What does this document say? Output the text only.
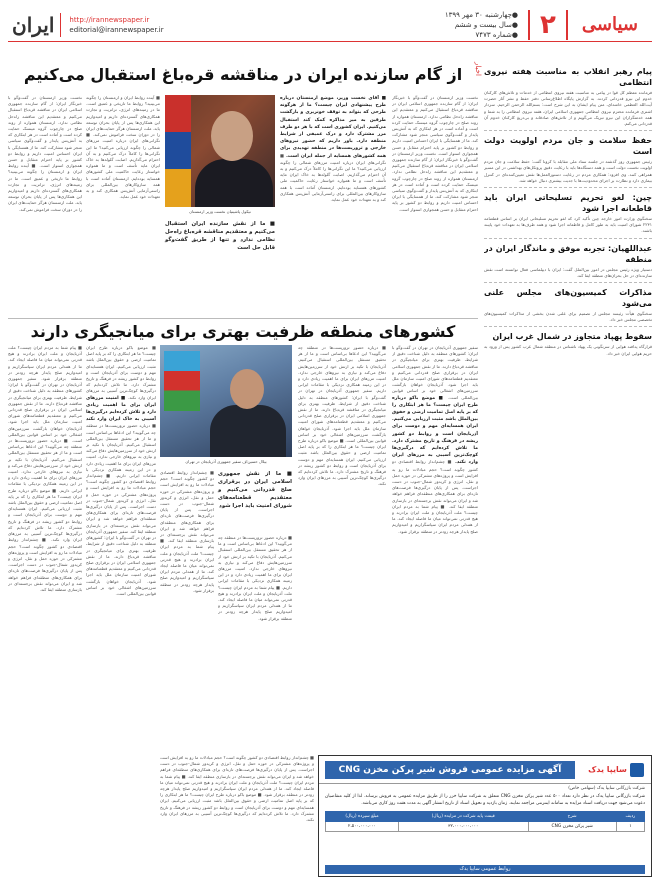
سیاسی
۲
●چهارشنبه ۳۰ مهر ۱۳۹۹
●سال بیست و ششم
●شماره ۷۴۷۳
http://irannewspaper.ir
editorial@irannewspaper.ir
ایران
اخبار پیام رهبر انقلاب به مناسبت هفته نیروی انتظامی
فرمانده معظم کل قوا در پیامی به مناسبت هفته نیروی انتظامی از خدمات و تلاش‌های کارکنان خدوم این نیرو قدردانی کردند. به گزارش پایگاه اطلاع‌رسانی دفتر حفظ و نشر آثار حضرت آیت‌الله العظمی خامنه‌ای، متن پیام ایشان به این شرح است: بسم‌الله الرحمن الرحیم. سردار اشتری فرمانده محترم نیروی انتظامی جمهوری اسلامی ایران، هفته نیروی انتظامی را به شما و همه خدمتگزاران این نیرو تبریک می‌گویم و از تلاش‌های صادقانه و بی‌دریغ کارکنان خدوم آن قدردانی می‌کنم.
حفظ سلامت و جان مردم اولویت دولت است
رئیس جمهوری روز گذشته در جلسه ستاد ملی مقابله با کرونا گفت: حفظ سلامت و جان مردم اولویت نخست دولت است و همه دستگاه‌ها باید با رعایت دقیق پروتکل‌های بهداشتی در این مسیر همراهی کنند. وی افزود: همکاری مردم در رعایت دستورالعمل‌ها نقش تعیین‌کننده‌ای در کنترل بیماری دارد و نظارت بر اجرای محدودیت‌ها با جدیت بیشتری دنبال خواهد شد.
چین: لغو تحریم تسلیحاتی ایران باید قاطعانه اجرا شود
سخنگوی وزارت امور خارجه چین تأکید کرد که لغو تحریم تسلیحاتی ایران بر اساس قطعنامه ۲۲۳۱ شورای امنیت باید به طور کامل و قاطعانه اجرا شود و همه طرف‌ها به تعهدات خود پایبند باشند.
عبداللهیان: تجربه موفق و ماندگار ایران در منطقه
دستیار ویژه رئیس مجلس در امور بین‌الملل گفت: ایران با دیپلماسی فعال توانسته است نقش سازنده‌ای در حل بحران‌های منطقه ایفا کند.
مذاکرات کمیسیون‌های مجلس علنی می‌شود
سخنگوی هیأت رئیسه مجلس از تصمیم برای علنی شدن بخشی از مذاکرات کمیسیون‌های تخصصی مجلس خبر داد.
سقوط پهپاد متجاوز در شمال غرب ایران
قرارگاه پدافند هوایی از سرنگونی یک پهپاد ناشناس در منطقه شمال غرب کشور پس از ورود به حریم هوایی ایران خبر داد.
از گام سازنده ایران در مناقشه قره‌باغ استقبال می‌کنیم
نخست وزیر ارمنستان در گفت‌وگو با خبرنگار ایران: از گام سازنده جمهوری اسلامی ایران در مناقشه قره‌باغ استقبال می‌کنیم و معتقدیم این مناقشه راه‌حل نظامی ندارد. ارمنستان همواره از روند صلح در چارچوب گروه مینسک حمایت کرده است و آماده است در هر ابتکاری که به آتش‌بس پایدار و گفت‌وگوی سیاسی منجر شود مشارکت کند. ما از همسایگی با ایران احساس امنیت داریم و روابط دو کشور بر پایه احترام متقابل و حسن همجواری استوار است. نخست وزیر ارمنستان در گفت‌وگو با خبرنگار ایران: از گام سازنده جمهوری اسلامی ایران در مناقشه قره‌باغ استقبال می‌کنیم و معتقدیم این مناقشه راه‌حل نظامی ندارد. ارمنستان همواره از روند صلح در چارچوب گروه مینسک حمایت کرده است و آماده است در هر ابتکاری که به آتش‌بس پایدار و گفت‌وگوی سیاسی منجر شود مشارکت کند. ما از همسایگی با ایران احساس امنیت داریم و روابط دو کشور بر پایه احترام متقابل و حسن همجواری استوار است.
■ آقای نخست وزیر، موضع ارمنستان درباره طرح پیشنهادی ایران چیست؟ ما از هرگونه طرحی که بتواند به توقف خونریزی و بازگشت طرفین به میز مذاکره کمک کند استقبال می‌کنیم. ایران کشوری است که با هر دو طرف مرز مشترک دارد و درک عمیقی از شرایط منطقه دارد. باور داریم که حضور نیروهای خارجی و تروریست‌ها در منطقه تهدیدی برای همه کشورهای همسایه از جمله ایران است. ■ نگرانی‌های ایران درباره امنیت مرزهای شمالی را چگونه ارزیابی می‌کنید؟ ما این نگرانی‌ها را کاملاً درک می‌کنیم و به آن احترام می‌گذاریم. اصابت گلوله‌ها به خاک ایران مایه تأسف است و ما همواره خواستار رعایت حاکمیت ملی کشورهای همسایه بوده‌ایم. ارمنستان آماده است با همه سازوکارهای بین‌المللی برای راستی‌آزمایی آتش‌بس همکاری کند و به تعهدات خود عمل نماید.
نیکول پاشینیان نخست وزیر ارمنستان
■ ما از نقش سازنده ایران استقبال می‌کنیم و معتقدیم مناقشه قره‌باغ راه‌حل نظامی ندارد و تنها از طریق گفت‌وگو قابل حل است
■ آینده روابط ایران و ارمنستان را چگونه می‌بینید؟ روابط ما تاریخی و عمیق است. ما در زمینه‌های انرژی، ترانزیت و تجارت همکاری‌های گسترده‌ای داریم و امیدواریم این همکاری‌ها پس از پایان بحران توسعه یابد. ملت ارمنستان هرگز حمایت‌های ایران را در دوران سخت فراموش نمی‌کند. ■ نگرانی‌های ایران درباره امنیت مرزهای شمالی را چگونه ارزیابی می‌کنید؟ ما این نگرانی‌ها را کاملاً درک می‌کنیم و به آن احترام می‌گذاریم. اصابت گلوله‌ها به خاک ایران مایه تأسف است و ما همواره خواستار رعایت حاکمیت ملی کشورهای همسایه بوده‌ایم. ارمنستان آماده است با همه سازوکارهای بین‌المللی برای راستی‌آزمایی آتش‌بس همکاری کند و به تعهدات خود عمل نماید.
نخست وزیر ارمنستان در گفت‌وگو با خبرنگار ایران: از گام سازنده جمهوری اسلامی ایران در مناقشه قره‌باغ استقبال می‌کنیم و معتقدیم این مناقشه راه‌حل نظامی ندارد. ارمنستان همواره از روند صلح در چارچوب گروه مینسک حمایت کرده است و آماده است در هر ابتکاری که به آتش‌بس پایدار و گفت‌وگوی سیاسی منجر شود مشارکت کند. ما از همسایگی با ایران احساس امنیت داریم و روابط دو کشور بر پایه احترام متقابل و حسن همجواری استوار است. ■ آینده روابط ایران و ارمنستان را چگونه می‌بینید؟ روابط ما تاریخی و عمیق است. ما در زمینه‌های انرژی، ترانزیت و تجارت همکاری‌های گسترده‌ای داریم و امیدواریم این همکاری‌ها پس از پایان بحران توسعه یابد. ملت ارمنستان هرگز حمایت‌های ایران را در دوران سخت فراموش نمی‌کند.
کشورهای منطقه ظرفیت بهتری برای میانجیگری دارند
سفیر جمهوری آذربایجان در تهران در گفت‌وگو با ایران: کشورهای منطقه به دلیل شناخت دقیق از شرایط، ظرفیت بهتری برای میانجیگری در مناقشه قره‌باغ دارند. ما از نقش جمهوری اسلامی ایران در برقراری صلح قدردانی می‌کنیم و معتقدیم قطعنامه‌های شورای امنیت سازمان ملل باید اجرا شود. آذربایجان خواهان بازگشت سرزمین‌های اشغالی خود بر اساس قوانین بین‌المللی است. ■ موضع باکو درباره طرح ایران چیست؟ ما هر ابتکاری را که بر پایه اصل تمامیت ارضی و حقوق بین‌الملل باشد مثبت ارزیابی می‌کنیم. ایران همسایه‌ای مهم و دوست برای آذربایجان است و روابط دو کشور ریشه در فرهنگ و تاریخ مشترک دارد. ما تلاش کرده‌ایم که درگیری‌ها کوچک‌ترین آسیبی به مرزهای ایران وارد نکند. ■ چشم‌انداز روابط اقتصادی دو کشور چگونه است؟ حجم مبادلات ما رو به افزایش است و پروژه‌های مشترکی در حوزه حمل و نقل، انرژی و کریدور شمال-جنوب در دست اجراست. پس از پایان درگیری‌ها فرصت‌های تازه‌ای برای همکاری‌های منطقه‌ای فراهم خواهد شد و ایران می‌تواند نقش برجسته‌ای در بازسازی منطقه ایفا کند. ■ پیام شما به مردم ایران چیست؟ ملت آذربایجان و ملت ایران برادرند و هیچ قدرتی نمی‌تواند میان ما فاصله ایجاد کند. ما از همدلی مردم ایران سپاسگزاریم و امیدواریم صلح پایدار هرچه زودتر در منطقه برقرار شود.
■ درباره حضور تروریست‌ها در منطقه چه می‌گویید؟ این ادعاها بی‌اساس است و ما از هر تحقیق مستقل بین‌المللی استقبال می‌کنیم. آذربایجان با تکیه بر ارتش خود از سرزمین‌هایش دفاع می‌کند و نیازی به نیروهای خارجی ندارد. امنیت مرزهای ایران برای ما اهمیت زیادی دارد و در این زمینه همکاری نزدیکی با مقامات ایرانی داریم. سفیر جمهوری آذربایجان در تهران در گفت‌وگو با ایران: کشورهای منطقه به دلیل شناخت دقیق از شرایط، ظرفیت بهتری برای میانجیگری در مناقشه قره‌باغ دارند. ما از نقش جمهوری اسلامی ایران در برقراری صلح قدردانی می‌کنیم و معتقدیم قطعنامه‌های شورای امنیت سازمان ملل باید اجرا شود. آذربایجان خواهان بازگشت سرزمین‌های اشغالی خود بر اساس قوانین بین‌المللی است. ■ موضع باکو درباره طرح ایران چیست؟ ما هر ابتکاری را که بر پایه اصل تمامیت ارضی و حقوق بین‌الملل باشد مثبت ارزیابی می‌کنیم. ایران همسایه‌ای مهم و دوست برای آذربایجان است و روابط دو کشور ریشه در فرهنگ و تاریخ مشترک دارد. ما تلاش کرده‌ایم که درگیری‌ها کوچک‌ترین آسیبی به مرزهای ایران وارد نکند.
بیلال حسین‌اف سفیر جمهوری آذربایجان در تهران
■ ما از نقش جمهوری اسلامی ایران در برقراری صلح قدردانی می‌کنیم و معتقدیم قطعنامه‌های شورای امنیت باید اجرا شود
■ چشم‌انداز روابط اقتصادی دو کشور چگونه است؟ حجم مبادلات ما رو به افزایش است و پروژه‌های مشترکی در حوزه حمل و نقل، انرژی و کریدور شمال-جنوب در دست اجراست. پس از پایان درگیری‌ها فرصت‌های تازه‌ای برای همکاری‌های منطقه‌ای فراهم خواهد شد و ایران می‌تواند نقش برجسته‌ای در بازسازی منطقه ایفا کند. ■ پیام شما به مردم ایران چیست؟ ملت آذربایجان و ملت ایران برادرند و هیچ قدرتی نمی‌تواند میان ما فاصله ایجاد کند. ما از همدلی مردم ایران سپاسگزاریم و امیدواریم صلح پایدار هرچه زودتر در منطقه برقرار شود.
■ درباره حضور تروریست‌ها در منطقه چه می‌گویید؟ این ادعاها بی‌اساس است و ما از هر تحقیق مستقل بین‌المللی استقبال می‌کنیم. آذربایجان با تکیه بر ارتش خود از سرزمین‌هایش دفاع می‌کند و نیازی به نیروهای خارجی ندارد. امنیت مرزهای ایران برای ما اهمیت زیادی دارد و در این زمینه همکاری نزدیکی با مقامات ایرانی داریم. ■ پیام شما به مردم ایران چیست؟ ملت آذربایجان و ملت ایران برادرند و هیچ قدرتی نمی‌تواند میان ما فاصله ایجاد کند. ما از همدلی مردم ایران سپاسگزاریم و امیدواریم صلح پایدار هرچه زودتر در منطقه برقرار شود.
■ موضع باکو درباره طرح ایران چیست؟ ما هر ابتکاری را که بر پایه اصل تمامیت ارضی و حقوق بین‌الملل باشد مثبت ارزیابی می‌کنیم. ایران همسایه‌ای مهم و دوست برای آذربایجان است و روابط دو کشور ریشه در فرهنگ و تاریخ مشترک دارد. ما تلاش کرده‌ایم که درگیری‌ها کوچک‌ترین آسیبی به مرزهای ایران وارد نکند. ■ امنیت مرزهای ایران برای ما اهمیت زیادی دارد و تلاش کرده‌ایم درگیری‌ها آسیبی به خاک ایران وارد نکند ■ درباره حضور تروریست‌ها در منطقه چه می‌گویید؟ این ادعاها بی‌اساس است و ما از هر تحقیق مستقل بین‌المللی استقبال می‌کنیم. آذربایجان با تکیه بر ارتش خود از سرزمین‌هایش دفاع می‌کند و نیازی به نیروهای خارجی ندارد. امنیت مرزهای ایران برای ما اهمیت زیادی دارد و در این زمینه همکاری نزدیکی با مقامات ایرانی داریم. ■ چشم‌انداز روابط اقتصادی دو کشور چگونه است؟ حجم مبادلات ما رو به افزایش است و پروژه‌های مشترکی در حوزه حمل و نقل، انرژی و کریدور شمال-جنوب در دست اجراست. پس از پایان درگیری‌ها فرصت‌های تازه‌ای برای همکاری‌های منطقه‌ای فراهم خواهد شد و ایران می‌تواند نقش برجسته‌ای در بازسازی منطقه ایفا کند. سفیر جمهوری آذربایجان در تهران در گفت‌وگو با ایران: کشورهای منطقه به دلیل شناخت دقیق از شرایط، ظرفیت بهتری برای میانجیگری در مناقشه قره‌باغ دارند. ما از نقش جمهوری اسلامی ایران در برقراری صلح قدردانی می‌کنیم و معتقدیم قطعنامه‌های شورای امنیت سازمان ملل باید اجرا شود. آذربایجان خواهان بازگشت سرزمین‌های اشغالی خود بر اساس قوانین بین‌المللی است.
■ پیام شما به مردم ایران چیست؟ ملت آذربایجان و ملت ایران برادرند و هیچ قدرتی نمی‌تواند میان ما فاصله ایجاد کند. ما از همدلی مردم ایران سپاسگزاریم و امیدواریم صلح پایدار هرچه زودتر در منطقه برقرار شود. سفیر جمهوری آذربایجان در تهران در گفت‌وگو با ایران: کشورهای منطقه به دلیل شناخت دقیق از شرایط، ظرفیت بهتری برای میانجیگری در مناقشه قره‌باغ دارند. ما از نقش جمهوری اسلامی ایران در برقراری صلح قدردانی می‌کنیم و معتقدیم قطعنامه‌های شورای امنیت سازمان ملل باید اجرا شود. آذربایجان خواهان بازگشت سرزمین‌های اشغالی خود بر اساس قوانین بین‌المللی است. ■ درباره حضور تروریست‌ها در منطقه چه می‌گویید؟ این ادعاها بی‌اساس است و ما از هر تحقیق مستقل بین‌المللی استقبال می‌کنیم. آذربایجان با تکیه بر ارتش خود از سرزمین‌هایش دفاع می‌کند و نیازی به نیروهای خارجی ندارد. امنیت مرزهای ایران برای ما اهمیت زیادی دارد و در این زمینه همکاری نزدیکی با مقامات ایرانی داریم. ■ موضع باکو درباره طرح ایران چیست؟ ما هر ابتکاری را که بر پایه اصل تمامیت ارضی و حقوق بین‌الملل باشد مثبت ارزیابی می‌کنیم. ایران همسایه‌ای مهم و دوست برای آذربایجان است و روابط دو کشور ریشه در فرهنگ و تاریخ مشترک دارد. ما تلاش کرده‌ایم که درگیری‌ها کوچک‌ترین آسیبی به مرزهای ایران وارد نکند. ■ چشم‌انداز روابط اقتصادی دو کشور چگونه است؟ حجم مبادلات ما رو به افزایش است و پروژه‌های مشترکی در حوزه حمل و نقل، انرژی و کریدور شمال-جنوب در دست اجراست. پس از پایان درگیری‌ها فرصت‌های تازه‌ای برای همکاری‌های منطقه‌ای فراهم خواهد شد و ایران می‌تواند نقش برجسته‌ای در بازسازی منطقه ایفا کند.
■ چشم‌انداز روابط اقتصادی دو کشور چگونه است؟ حجم مبادلات ما رو به افزایش است و پروژه‌های مشترکی در حوزه حمل و نقل، انرژی و کریدور شمال-جنوب در دست اجراست. پس از پایان درگیری‌ها فرصت‌های تازه‌ای برای همکاری‌های منطقه‌ای فراهم خواهد شد و ایران می‌تواند نقش برجسته‌ای در بازسازی منطقه ایفا کند. ■ پیام شما به مردم ایران چیست؟ ملت آذربایجان و ملت ایران برادرند و هیچ قدرتی نمی‌تواند میان ما فاصله ایجاد کند. ما از همدلی مردم ایران سپاسگزاریم و امیدواریم صلح پایدار هرچه زودتر در منطقه برقرار شود. ■ موضع باکو درباره طرح ایران چیست؟ ما هر ابتکاری را که بر پایه اصل تمامیت ارضی و حقوق بین‌الملل باشد مثبت ارزیابی می‌کنیم. ایران همسایه‌ای مهم و دوست برای آذربایجان است و روابط دو کشور ریشه در فرهنگ و تاریخ مشترک دارد. ما تلاش کرده‌ایم که درگیری‌ها کوچک‌ترین آسیبی به مرزهای ایران وارد نکند.
سایپا یدک
آگهی مزایده عمومی فروش شیر پرکن مخزن CNG
شرکت بازرگانی سایپا یدک (سهامی خاص)
شرکت بازرگانی سایپا یدک در نظر دارد تعداد ۵۰۰ عدد شیر پرکن مخزن CNG متعلق به شرکت سایپا خزر را از طریق مزایده عمومی به فروش برساند. لذا از کلیه متقاضیان دعوت می‌شود جهت دریافت اسناد مزایده به سامانه اینترنتی مراجعه نمایند. زمان بازدید و تحویل اسناد از تاریخ انتشار آگهی به مدت هفت روز کاری می‌باشد.
ردیف	شرح	قیمت پایه شرکت در مزایده (ریال)	مبلغ سپرده (ریال)
۱	شیر پرکن مخزن CNG	۳۲،۰۰۰،۰۰۰،۰۰۰	۲،۵۰۰،۰۰۰،۰۰۰
روابط عمومی سایپا یدک
